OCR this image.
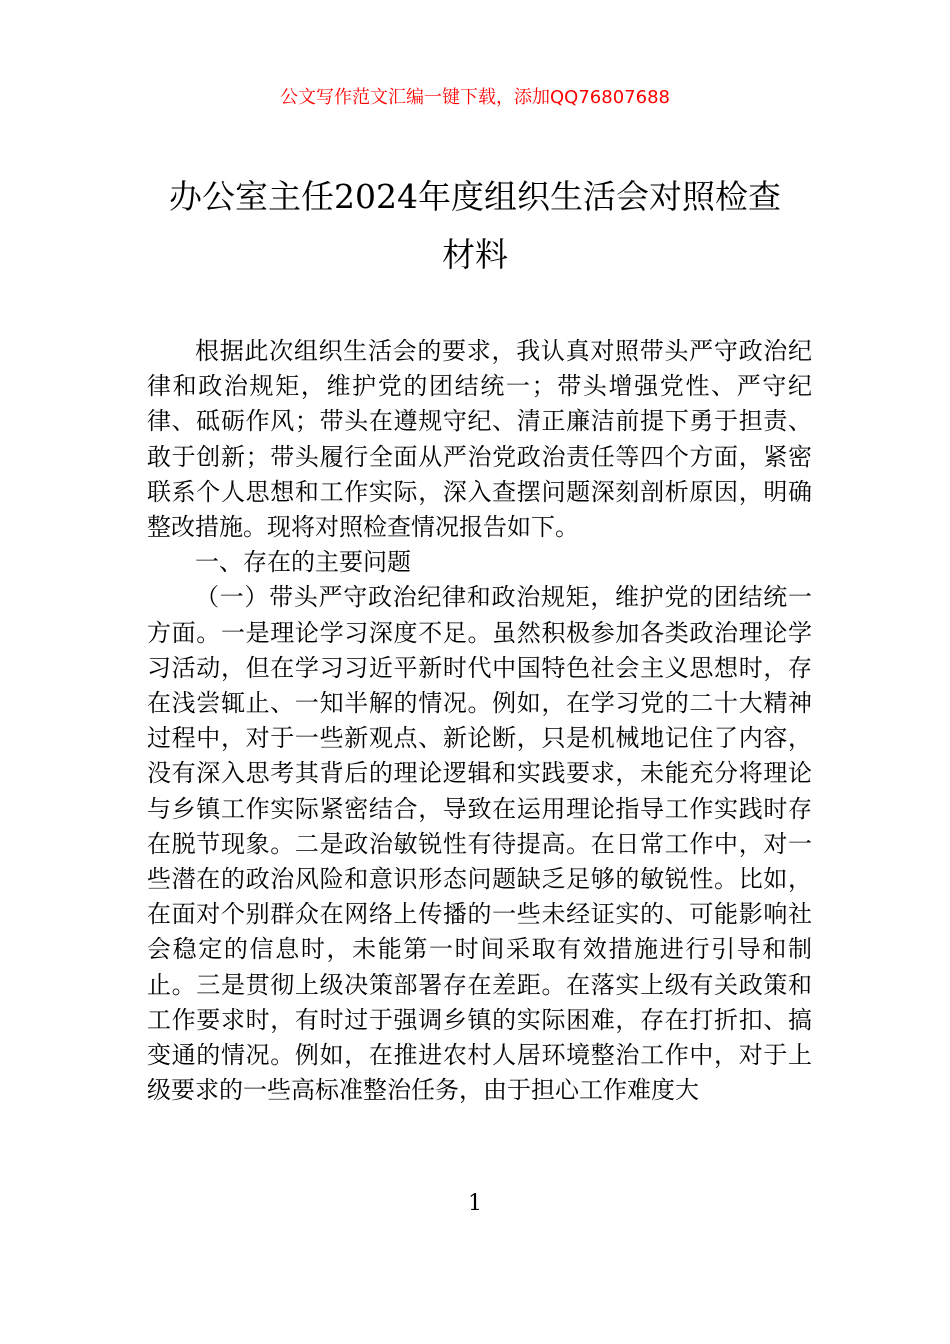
公文写作范文汇编一键下载，添加QQ76807688
办公室主任2024年度组织生活会对照检查
材料

根据此次组织生活会的要求，我认真对照带头严守政治纪律和政治规矩，维护党的团结统一；带头增强党性、严守纪律、砥砺作风；带头在遵规守纪、清正廉洁前提下勇于担责、敢于创新；带头履行全面从严治党政治责任等四个方面，紧密联系个人思想和工作实际，深入查摆问题深刻剖析原因，明确整改措施。现将对照检查情况报告如下。

一、存在的主要问题

（一）带头严守政治纪律和政治规矩，维护党的团结统一方面。一是理论学习深度不足。虽然积极参加各类政治理论学习活动，但在学习习近平新时代中国特色社会主义思想时，存在浅尝辄止、一知半解的情况。例如，在学习党的二十大精神过程中，对于一些新观点、新论断，只是机械地记住了内容，没有深入思考其背后的理论逻辑和实践要求，未能充分将理论与乡镇工作实际紧密结合，导致在运用理论指导工作实践时存在脱节现象。二是政治敏锐性有待提高。在日常工作中，对一些潜在的政治风险和意识形态问题缺乏足够的敏锐性。比如，在面对个别群众在网络上传播的一些未经证实的、可能影响社会稳定的信息时，未能第一时间采取有效措施进行引导和制止。三是贯彻上级决策部署存在差距。在落实上级有关政策和工作要求时，有时过于强调乡镇的实际困难，存在打折扣、搞变通的情况。例如，在推进农村人居环境整治工作中，对于上级要求的一些高标准整治任务，由于担心工作难度大

1
